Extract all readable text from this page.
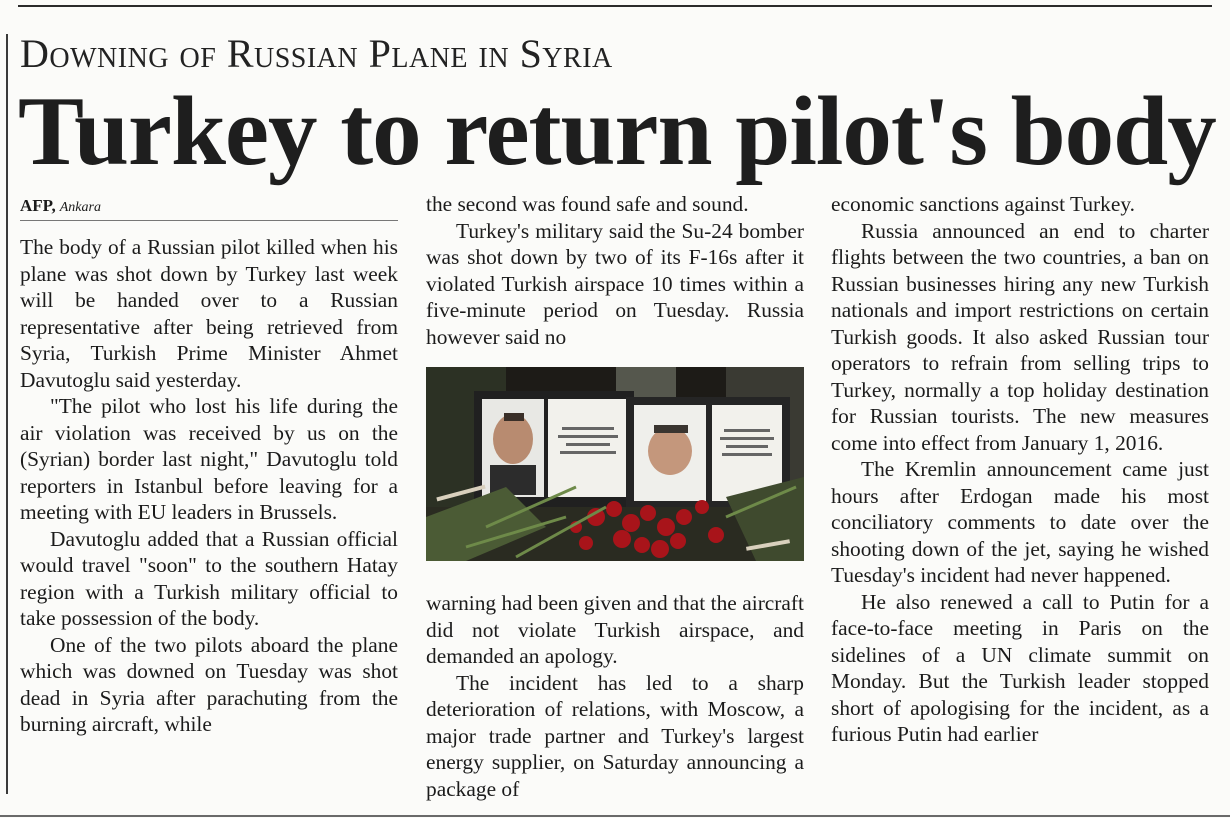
Downing of Russian Plane in Syria
Turkey to return pilot's body
AFP, Ankara

The body of a Russian pilot killed when his plane was shot down by Turkey last week will be handed over to a Russian representative after being retrieved from Syria, Turkish Prime Minister Ahmet Davutoglu said yesterday.

"The pilot who lost his life during the air violation was received by us on the (Syrian) border last night," Davutoglu told reporters in Istanbul before leaving for a meeting with EU leaders in Brussels.

Davutoglu added that a Russian official would travel "soon" to the southern Hatay region with a Turkish military official to take possession of the body.

One of the two pilots aboard the plane which was downed on Tuesday was shot dead in Syria after parachuting from the burning aircraft, while

the second was found safe and sound.

Turkey's military said the Su-24 bomber was shot down by two of its F-16s after it violated Turkish airspace 10 times within a five-minute period on Tuesday. Russia however said no

warning had been given and that the aircraft did not violate Turkish airspace, and demanded an apology.

The incident has led to a sharp deterioration of relations, with Moscow, a major trade partner and Turkey's largest energy supplier, on Saturday announcing a package of

economic sanctions against Turkey.

Russia announced an end to charter flights between the two countries, a ban on Russian businesses hiring any new Turkish nationals and import restrictions on certain Turkish goods. It also asked Russian tour operators to refrain from selling trips to Turkey, normally a top holiday destination for Russian tourists. The new measures come into effect from January 1, 2016.

The Kremlin announcement came just hours after Erdogan made his most conciliatory comments to date over the shooting down of the jet, saying he wished Tuesday's incident had never happened.

He also renewed a call to Putin for a face-to-face meeting in Paris on the sidelines of a UN climate summit on Monday. But the Turkish leader stopped short of apologising for the incident, as a furious Putin had earlier
